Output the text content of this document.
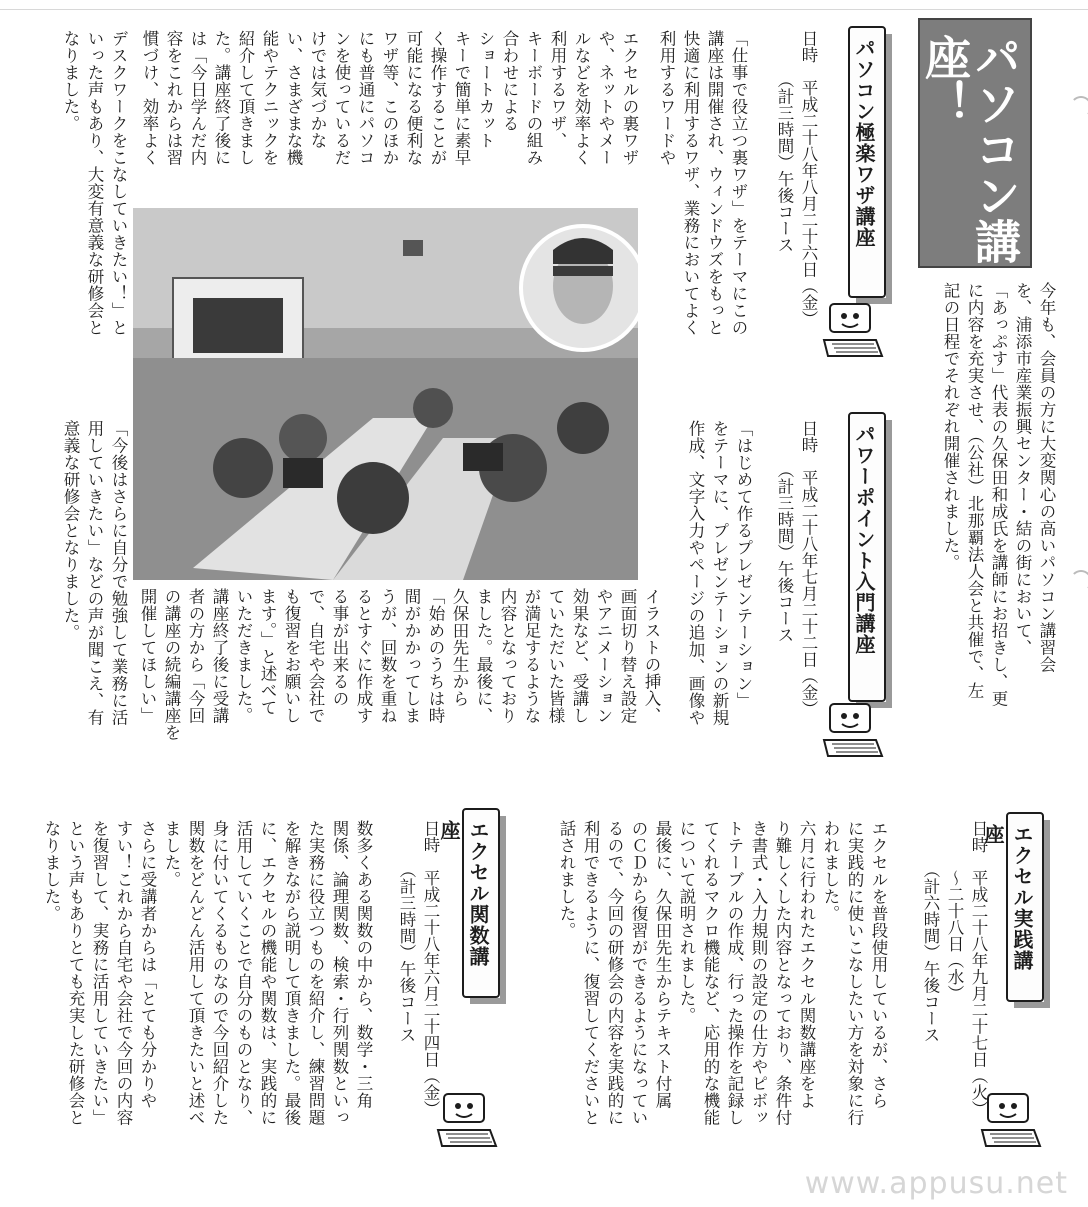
パソコン講座！
今年も、会員の方に大変関心の高いパソコン講習会
を、浦添市産業振興センター・結の街において、
「あっぷす」代表の久保田和成氏を講師にお招きし、更
に内容を充実させ、（公社）北那覇法人会と共催で、左
記の日程でそれぞれ開催されました。
パソコン極楽ワザ講座
日時　平成二十八年八月二十六日（金）
　　　（計三時間）午後コース
「仕事で役立つ裏ワザ」をテーマにこの
講座は開催され、ウィンドウズをもっと
快適に利用するワザ、業務においてよく
利用するワードや

エクセルの裏ワザ
や、ネットやメー
ルなどを効率よく
利用するワザ、
キーボードの組み
合わせによる
ショートカット
キーで簡単に素早
く操作することが
可能になる便利な
ワザ等、このほか
にも普通にパソコ
ンを使っているだ
けでは気づかな
い、さまざまな機
能やテクニックを
紹介して頂きまし
た。講座終了後に
は「今日学んだ内
容をこれからは習
慣づけ、効率よく
デスクワークをこなしていきたい！」と
いった声もあり、大変有意義な研修会と
なりました。
パワーポイント入門講座
日時　平成二十八年七月二十二日（金）
　　　（計三時間）午後コース
「はじめて作るプレゼンテーション」
をテーマに、プレゼンテーションの新規
作成、文字入力やページの追加、画像や
イラストの挿入、
画面切り替え設定
やアニメーション
効果など、受講し
ていただいた皆様
が満足するような
内容となっており
ました。最後に、
久保田先生から
「始めのうちは時
間がかかってしま
うが、回数を重ね
るとすぐに作成す
る事が出来るの
で、自宅や会社で
も復習をお願いし
ます。」と述べて
いただきました。
講座終了後に受講
者の方から「今回
の講座の続編講座を
開催してほしい」
「今後はさらに自分で勉強して業務に活
用していきたい」などの声が聞こえ、有
意義な研修会となりました。
エクセル実践講座
日時　平成二十八年九月二十七日（火）
　　　～二十八日（水）
　　　（計六時間）午後コース
エクセルを普段使用しているが、さら
に実践的に使いこなしたい方を対象に行
われました。
六月に行われたエクセル関数講座をよ
り難しくした内容となっており、条件付
き書式・入力規則の設定の仕方やピボッ
トテーブルの作成、行った操作を記録し
てくれるマクロ機能など、応用的な機能
について説明されました。
最後に、久保田先生からテキスト付属
のＣＤから復習ができるようになってい
るので、今回の研修会の内容を実践的に
利用できるように、復習してくださいと
話されました。
エクセル関数講座
日時　平成二十八年六月二十四日（金）
　　　（計三時間）午後コース
数多くある関数の中から、数学・三角
関係、論理関数、検索・行列関数といっ
た実務に役立つものを紹介し、練習問題
を解きながら説明して頂きました。最後
に、エクセルの機能や関数は、実践的に
活用していくことで自分のものとなり、
身に付いてくるものなので今回紹介した
関数をどんどん活用して頂きたいと述べ
ました。
さらに受講者からは「とても分かりや
すい！これから自宅や会社で今回の内容
を復習して、実務に活用していきたい」
という声もありとても充実した研修会と
なりました。
www.appusu.net
